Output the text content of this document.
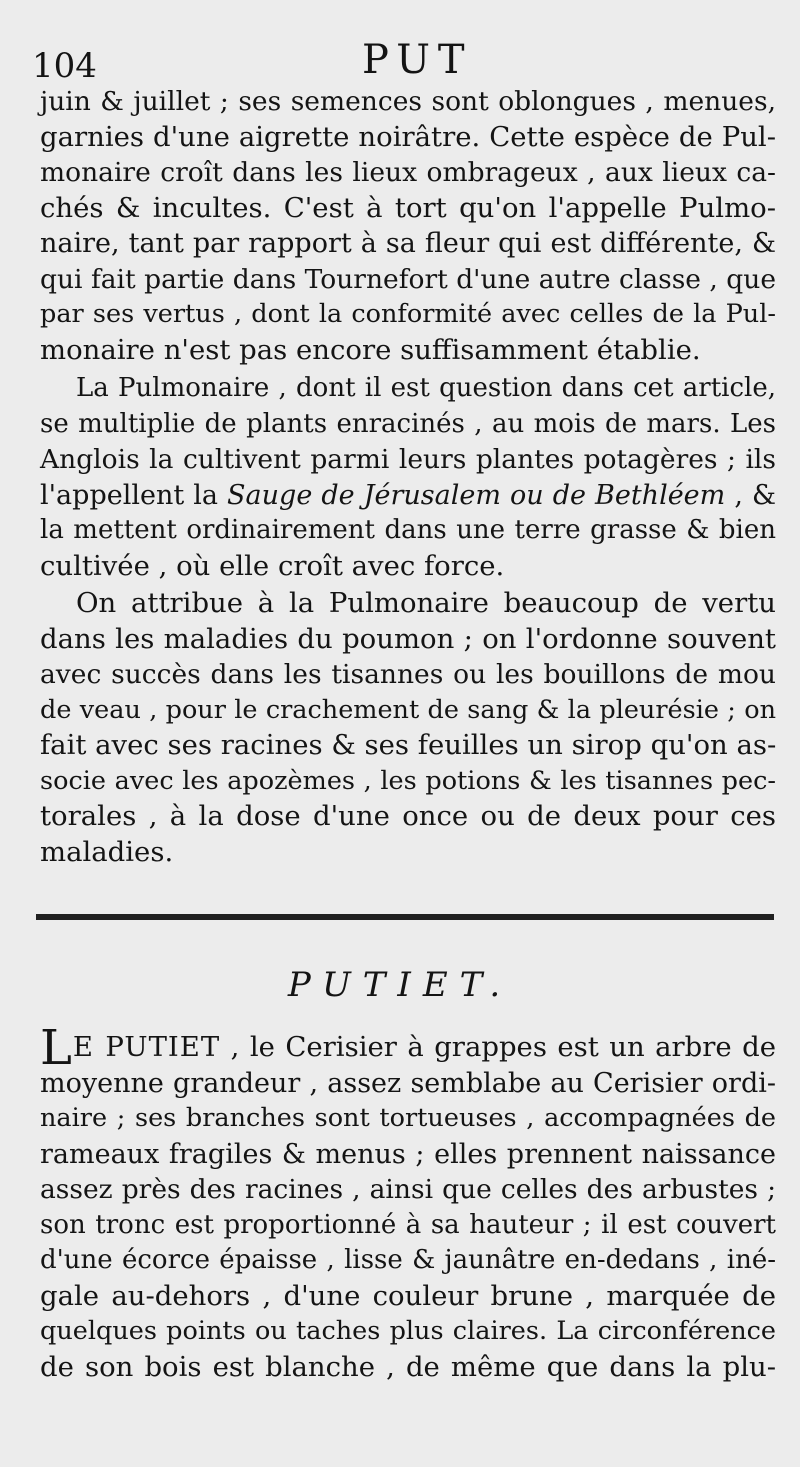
104	PUT
juin & juillet ; ses semences sont oblongues , menues,
garnies d'une aigrette noirâtre. Cette espèce de Pul-
monaire croît dans les lieux ombrageux , aux lieux ca-
chés & incultes. C'est à tort qu'on l'appelle Pulmo-
naire, tant par rapport à sa fleur qui est différente, &
qui fait partie dans Tournefort d'une autre classe , que
par ses vertus , dont la conformité avec celles de la Pul-
monaire n'est pas encore suffisamment établie.
La Pulmonaire , dont il est question dans cet article,
se multiplie de plants enracinés , au mois de mars. Les
Anglois la cultivent parmi leurs plantes potagères ; ils
l'appellent la Sauge de Jérusalem ou de Bethléem , &
la mettent ordinairement dans une terre grasse & bien
cultivée , où elle croît avec force.
On attribue à la Pulmonaire beaucoup de vertu
dans les maladies du poumon ; on l'ordonne souvent
avec succès dans les tisannes ou les bouillons de mou
de veau , pour le crachement de sang & la pleurésie ; on
fait avec ses racines & ses feuilles un sirop qu'on as-
socie avec les apozèmes , les potions & les tisannes pec-
torales , à la dose d'une once ou de deux pour ces
maladies.
PUTIET.
LE PUTIET , le Cerisier à grappes est un arbre de
moyenne grandeur , assez semblabe au Cerisier ordi-
naire ; ses branches sont tortueuses , accompagnées de
rameaux fragiles & menus ; elles prennent naissance
assez près des racines , ainsi que celles des arbustes ;
son tronc est proportionné à sa hauteur ; il est couvert
d'une écorce épaisse , lisse & jaunâtre en-dedans , iné-
gale au-dehors , d'une couleur brune , marquée de
quelques points ou taches plus claires. La circonférence
de son bois est blanche , de même que dans la plu-
